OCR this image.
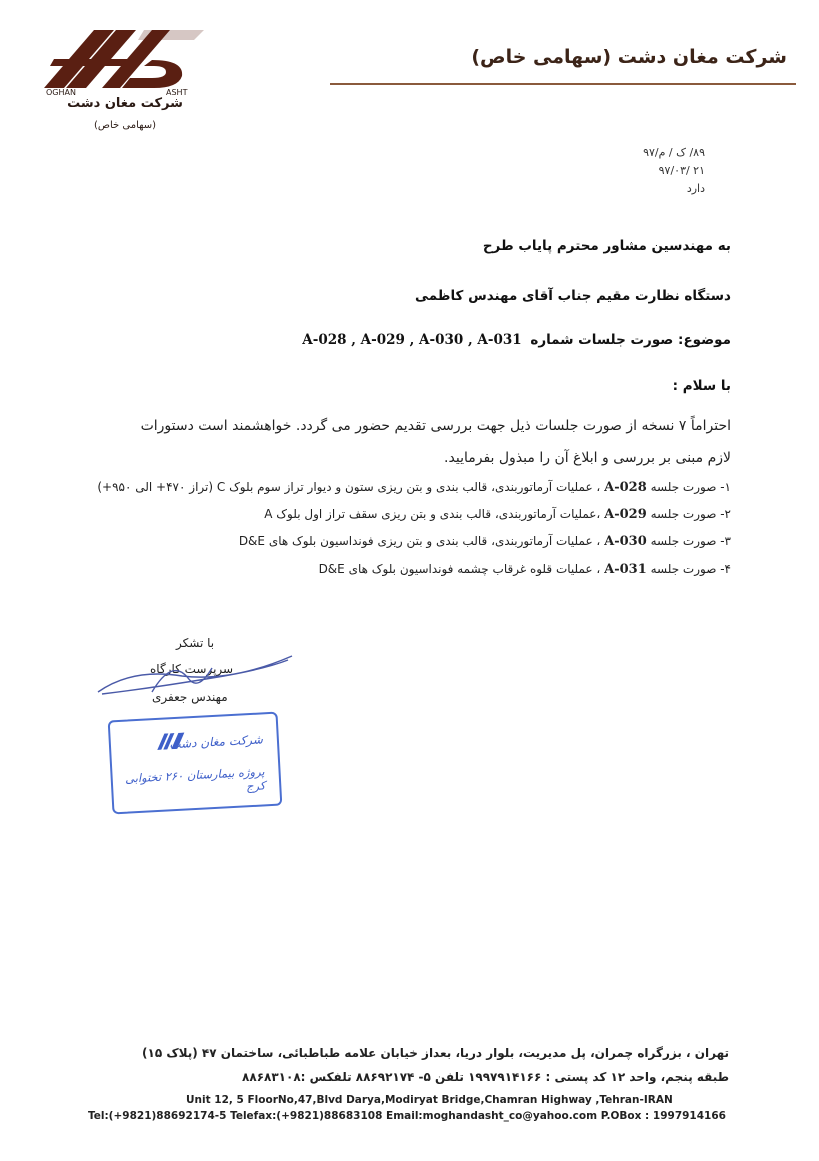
OGHAN	ASHT
شرکت مغان دشت
(سهامی خاص)
شرکت مغان دشت (سهامی خاص)
۸۹/ ک / م/۹۷
۹۷/۰۳/ ۲۱
دارد
به مهندسین مشاور محترم پاياب طرح
دستگاه نظارت مقیم جناب آقای مهندس کاظمی
موضوع: صورت جلسات شماره A-028 , A-029 , A-030 , A-031
با سلام :
احتراماً ۷ نسخه از صورت جلسات ذیل جهت بررسی تقدیم حضور می گردد. خواهشمند است دستورات
لازم مبنی بر بررسی و ابلاغ آن را مبذول بفرمایید.
۱- صورت جلسه A-028 ، عملیات آرماتوربندی، قالب بندی و بتن ریزی ستون و دیوار تراز سوم بلوک C (تراز ۴۷۰+ الی ۹۵۰+)
۲- صورت جلسه A-029 ،عملیات آرماتوربندی، قالب بندی و بتن ریزی سقف تراز اول بلوک A
۳- صورت جلسه A-030 ، عملیات آرماتوربندی، قالب بندی و بتن ریزی فونداسیون بلوک های D&E
۴- صورت جلسه A-031 ، عملیات قلوه غرقاب چشمه فونداسیون بلوک های D&E
با تشکر
سرپرست کارگاه
مهندس جعفری
شرکت مغان دشت
پروژه بیمارستان ۲۶۰ تختوابی کرج
تهران ، بزرگراه چمران، پل مدیریت، بلوار دریا، بعداز خیابان علامه طباطبائی، ساختمان ۴۷ (پلاک ۱۵)
طبقه پنجم، واحد ۱۲ کد پستی : ۱۹۹۷۹۱۴۱۶۶ تلفن ۵- ۸۸۶۹۲۱۷۴ تلفکس :۸۸۶۸۳۱۰۸
Unit 12, 5 FloorNo,47,Blvd Darya,Modiryat Bridge,Chamran Highway ,Tehran-IRAN
Tel:(+9821)88692174-5 Telefax:(+9821)88683108 Email:moghandasht_co@yahoo.com P.OBox : 1997914166
